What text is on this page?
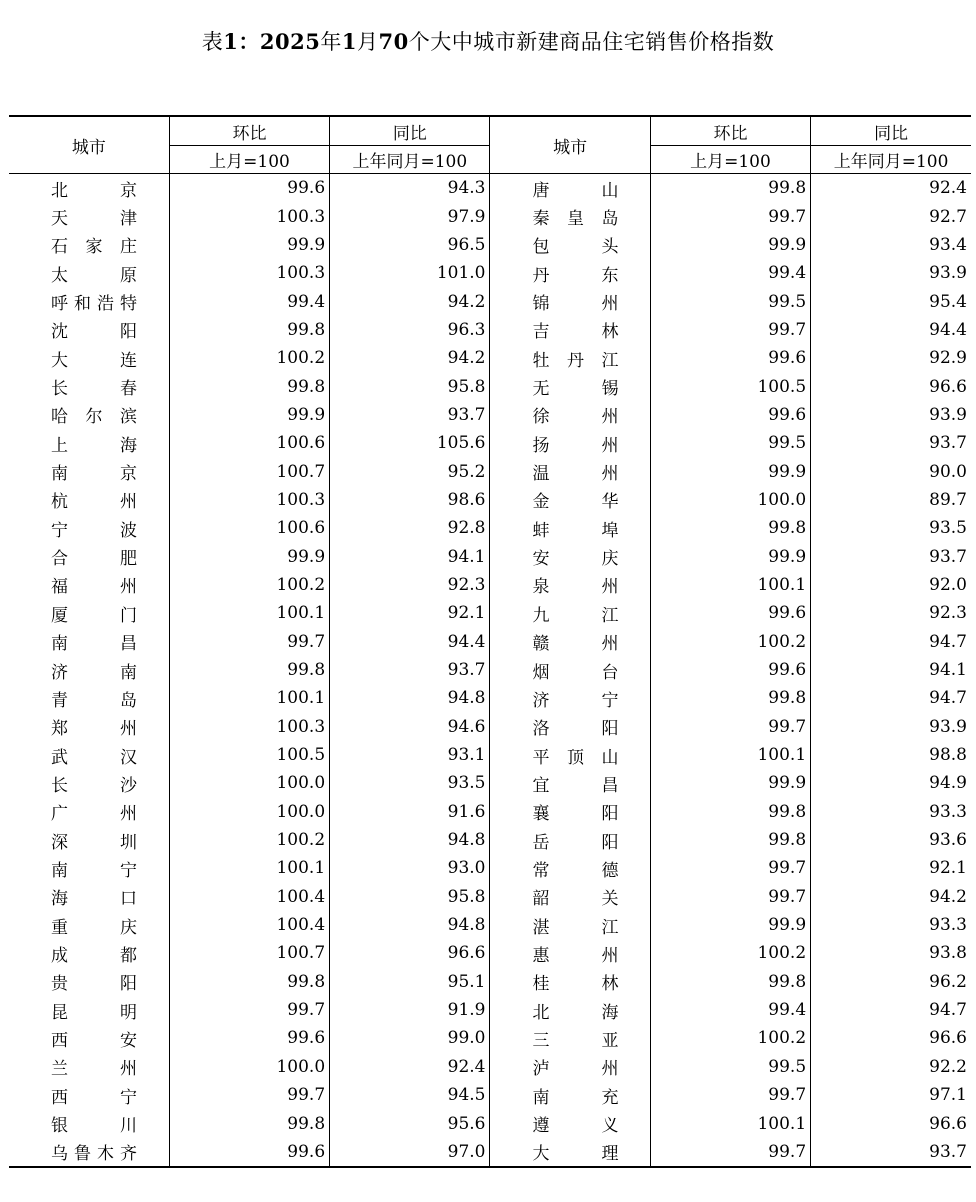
表1：2025年1月70个大中城市新建商品住宅销售价格指数
城市	环比	同比	城市	环比	同比
	上月=100	上年同月=100		上月=100	上年同月=100

北京	99.6	94.3	唐山	99.8	92.4

天津	100.3	97.9	秦皇岛	99.7	92.7

石家庄	99.9	96.5	包头	99.9	93.4

太原	100.3	101.0	丹东	99.4	93.9

呼和浩特	99.4	94.2	锦州	99.5	95.4

沈阳	99.8	96.3	吉林	99.7	94.4

大连	100.2	94.2	牡丹江	99.6	92.9

长春	99.8	95.8	无锡	100.5	96.6

哈尔滨	99.9	93.7	徐州	99.6	93.9

上海	100.6	105.6	扬州	99.5	93.7

南京	100.7	95.2	温州	99.9	90.0

杭州	100.3	98.6	金华	100.0	89.7

宁波	100.6	92.8	蚌埠	99.8	93.5

合肥	99.9	94.1	安庆	99.9	93.7

福州	100.2	92.3	泉州	100.1	92.0

厦门	100.1	92.1	九江	99.6	92.3

南昌	99.7	94.4	赣州	100.2	94.7

济南	99.8	93.7	烟台	99.6	94.1

青岛	100.1	94.8	济宁	99.8	94.7

郑州	100.3	94.6	洛阳	99.7	93.9

武汉	100.5	93.1	平顶山	100.1	98.8

长沙	100.0	93.5	宜昌	99.9	94.9

广州	100.0	91.6	襄阳	99.8	93.3

深圳	100.2	94.8	岳阳	99.8	93.6

南宁	100.1	93.0	常德	99.7	92.1

海口	100.4	95.8	韶关	99.7	94.2

重庆	100.4	94.8	湛江	99.9	93.3

成都	100.7	96.6	惠州	100.2	93.8

贵阳	99.8	95.1	桂林	99.8	96.2

昆明	99.7	91.9	北海	99.4	94.7

西安	99.6	99.0	三亚	100.2	96.6

兰州	100.0	92.4	泸州	99.5	92.2

西宁	99.7	94.5	南充	99.7	97.1

银川	99.8	95.6	遵义	100.1	96.6

乌鲁木齐	99.6	97.0	大理	99.7	93.7
